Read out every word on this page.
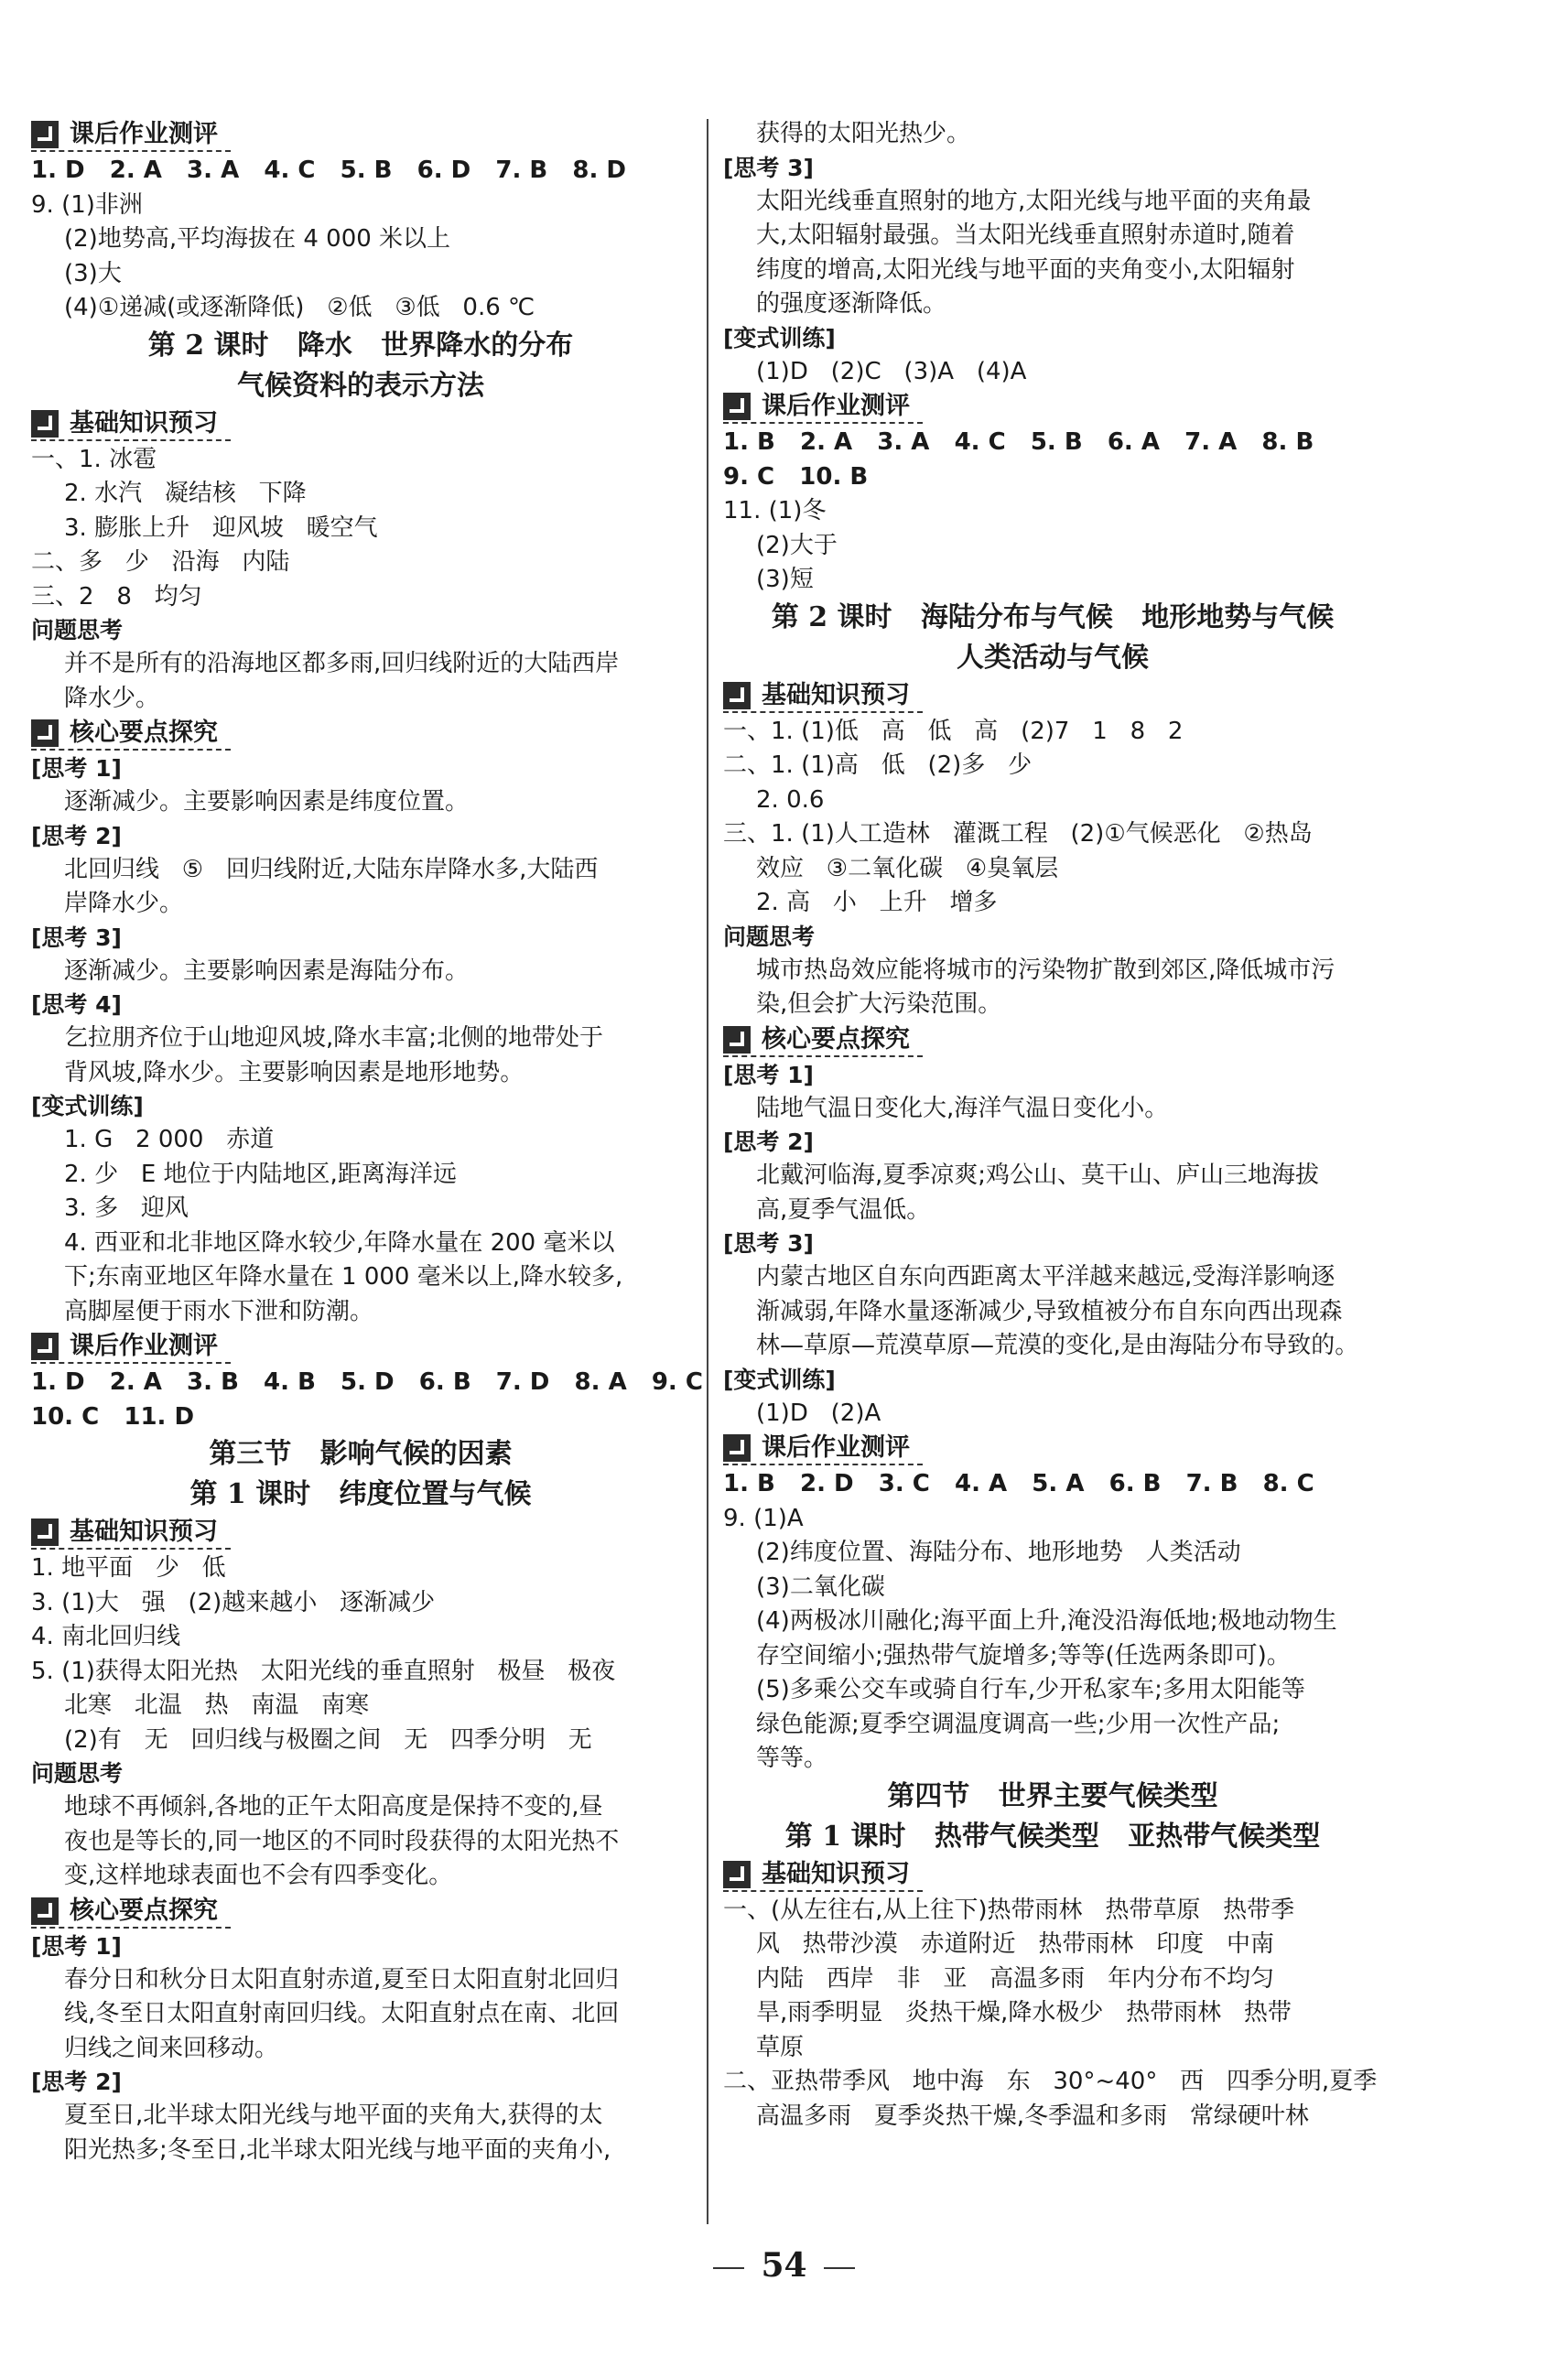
课后作业测评
1. D   2. A   3. A   4. C   5. B   6. D   7. B   8. D
9. (1)非洲
(2)地势高,平均海拔在 4 000 米以上
(3)大
(4)①递减(或逐渐降低)   ②低   ③低   0.6 ℃
第 2 课时   降水   世界降水的分布
气候资料的表示方法
基础知识预习
一、1. 冰雹
2. 水汽   凝结核   下降
3. 膨胀上升   迎风坡   暖空气
二、多   少   沿海   内陆
三、2   8   均匀
问题思考
并不是所有的沿海地区都多雨,回归线附近的大陆西岸
降水少。
核心要点探究
[思考 1]
逐渐减少。主要影响因素是纬度位置。
[思考 2]
北回归线   ⑤   回归线附近,大陆东岸降水多,大陆西
岸降水少。
[思考 3]
逐渐减少。主要影响因素是海陆分布。
[思考 4]
乞拉朋齐位于山地迎风坡,降水丰富;北侧的地带处于
背风坡,降水少。主要影响因素是地形地势。
[变式训练]
1. G   2 000   赤道
2. 少   E 地位于内陆地区,距离海洋远
3. 多   迎风
4. 西亚和北非地区降水较少,年降水量在 200 毫米以
下;东南亚地区年降水量在 1 000 毫米以上,降水较多,
高脚屋便于雨水下泄和防潮。
课后作业测评
1. D   2. A   3. B   4. B   5. D   6. B   7. D   8. A   9. C
10. C   11. D
第三节   影响气候的因素
第 1 课时   纬度位置与气候
基础知识预习
1. 地平面   少   低
3. (1)大   强   (2)越来越小   逐渐减少
4. 南北回归线
5. (1)获得太阳光热   太阳光线的垂直照射   极昼   极夜
北寒   北温   热   南温   南寒
(2)有   无   回归线与极圈之间   无   四季分明   无
问题思考
地球不再倾斜,各地的正午太阳高度是保持不变的,昼
夜也是等长的,同一地区的不同时段获得的太阳光热不
变,这样地球表面也不会有四季变化。
核心要点探究
[思考 1]
春分日和秋分日太阳直射赤道,夏至日太阳直射北回归
线,冬至日太阳直射南回归线。太阳直射点在南、北回
归线之间来回移动。
[思考 2]
夏至日,北半球太阳光线与地平面的夹角大,获得的太
阳光热多;冬至日,北半球太阳光线与地平面的夹角小,
获得的太阳光热少。
[思考 3]
太阳光线垂直照射的地方,太阳光线与地平面的夹角最
大,太阳辐射最强。当太阳光线垂直照射赤道时,随着
纬度的增高,太阳光线与地平面的夹角变小,太阳辐射
的强度逐渐降低。
[变式训练]
(1)D   (2)C   (3)A   (4)A
课后作业测评
1. B   2. A   3. A   4. C   5. B   6. A   7. A   8. B
9. C   10. B
11. (1)冬
(2)大于
(3)短
第 2 课时   海陆分布与气候   地形地势与气候
人类活动与气候
基础知识预习
一、1. (1)低   高   低   高   (2)7   1   8   2
二、1. (1)高   低   (2)多   少
2. 0.6
三、1. (1)人工造林   灌溉工程   (2)①气候恶化   ②热岛
效应   ③二氧化碳   ④臭氧层
2. 高   小   上升   增多
问题思考
城市热岛效应能将城市的污染物扩散到郊区,降低城市污
染,但会扩大污染范围。
核心要点探究
[思考 1]
陆地气温日变化大,海洋气温日变化小。
[思考 2]
北戴河临海,夏季凉爽;鸡公山、莫干山、庐山三地海拔
高,夏季气温低。
[思考 3]
内蒙古地区自东向西距离太平洋越来越远,受海洋影响逐
渐减弱,年降水量逐渐减少,导致植被分布自东向西出现森
林—草原—荒漠草原—荒漠的变化,是由海陆分布导致的。
[变式训练]
(1)D   (2)A
课后作业测评
1. B   2. D   3. C   4. A   5. A   6. B   7. B   8. C
9. (1)A
(2)纬度位置、海陆分布、地形地势   人类活动
(3)二氧化碳
(4)两极冰川融化;海平面上升,淹没沿海低地;极地动物生
存空间缩小;强热带气旋增多;等等(任选两条即可)。
(5)多乘公交车或骑自行车,少开私家车;多用太阳能等
绿色能源;夏季空调温度调高一些;少用一次性产品;
等等。
第四节   世界主要气候类型
第 1 课时   热带气候类型   亚热带气候类型
基础知识预习
一、(从左往右,从上往下)热带雨林   热带草原   热带季
风   热带沙漠   赤道附近   热带雨林   印度   中南
内陆   西岸   非   亚   高温多雨   年内分布不均匀
旱,雨季明显   炎热干燥,降水极少   热带雨林   热带
草原
二、亚热带季风   地中海   东   30°~40°   西   四季分明,夏季
高温多雨   夏季炎热干燥,冬季温和多雨   常绿硬叶林
54
